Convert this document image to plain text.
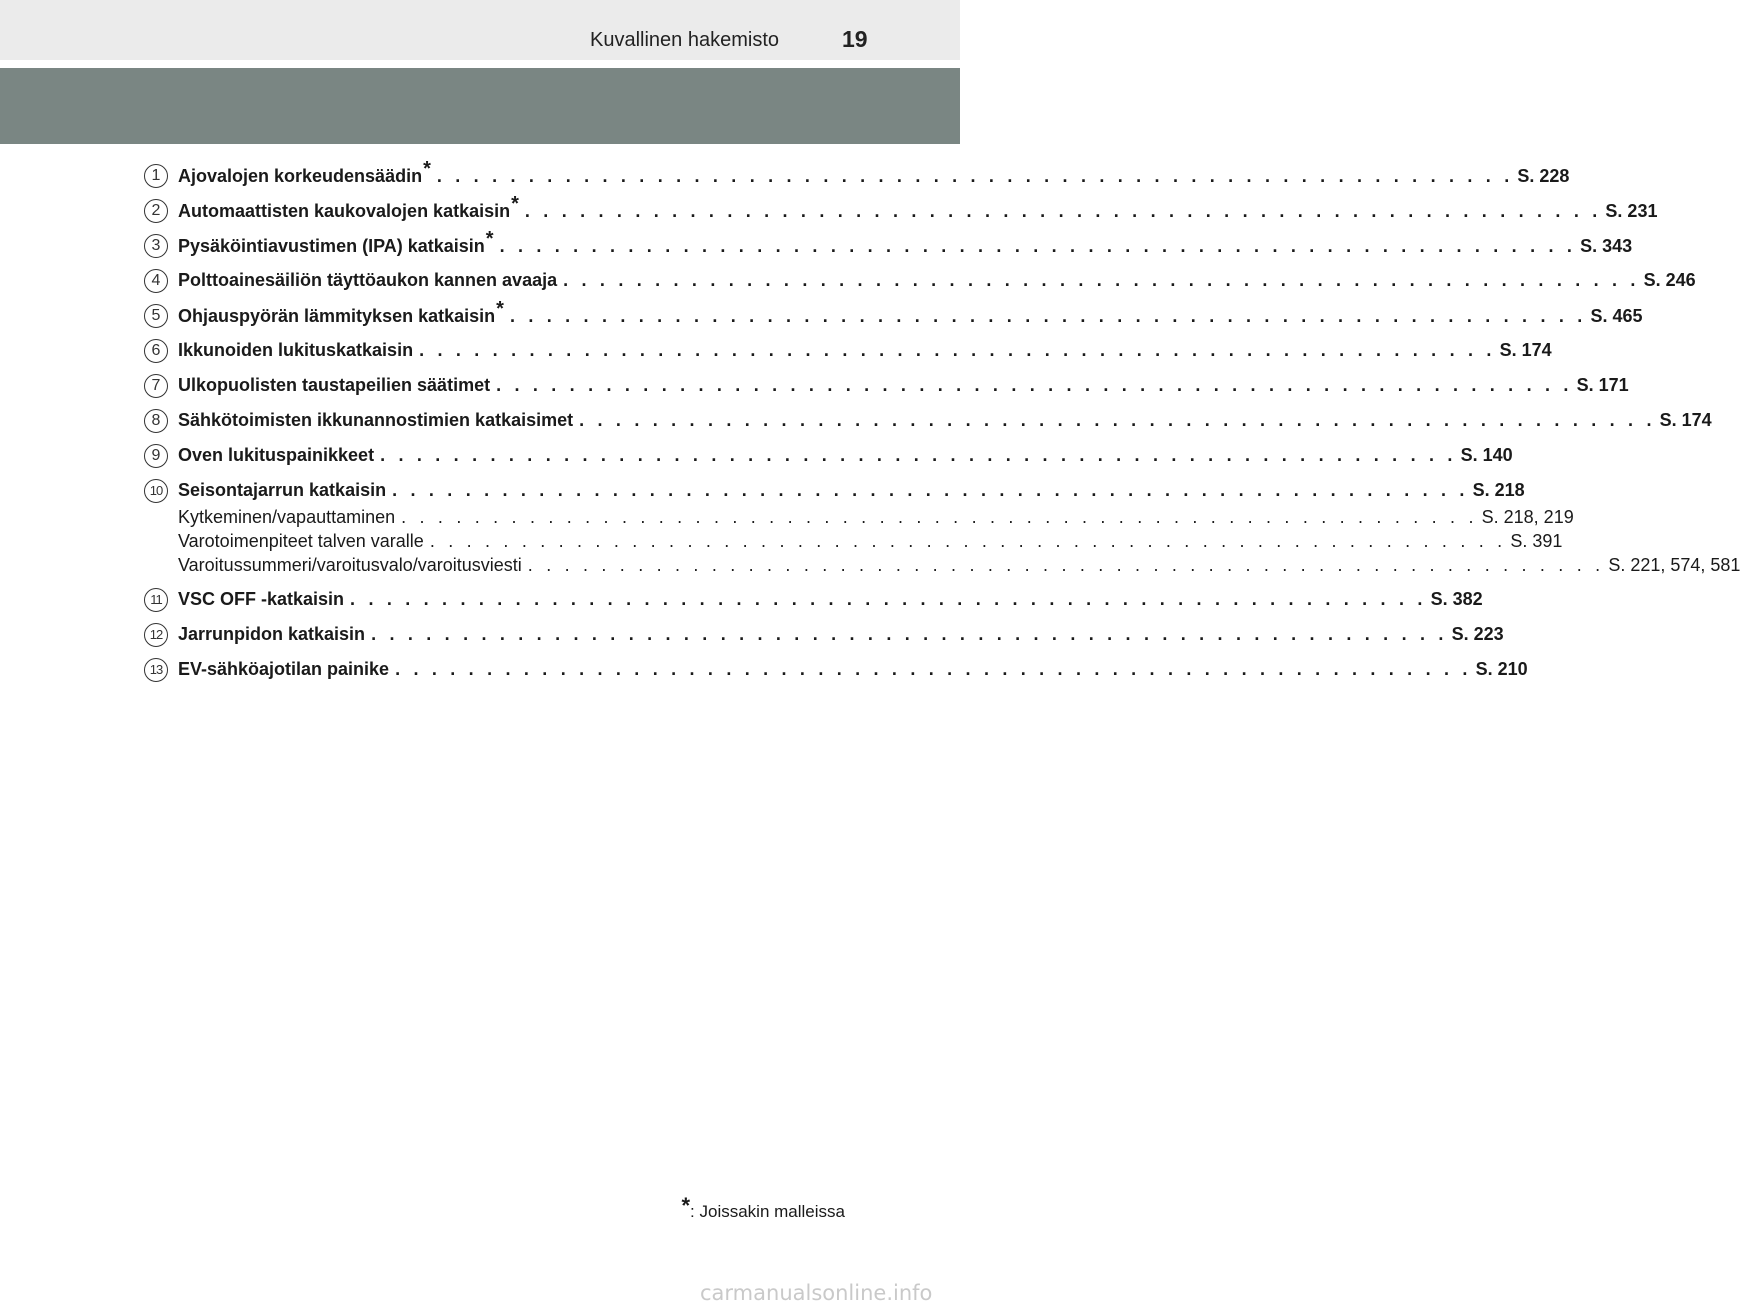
Kuvallinen hakemisto	19
1 Ajovalojen korkeudensäädin * . . . . . . . . . . . . . . . . . . . . . . . . . . . . . . . . . . . . . . . . . . . . . . . . . . . . . . . . . . . S. 228
2 Automaattisten kaukovalojen katkaisin * . . . . . . . . . . . . . . . . . . . . . . . . . . . . . . . . . . . . . . . . . . . . . . . . . . . . . . . . . . . S. 231
3 Pysäköintiavustimen (IPA) katkaisin * . . . . . . . . . . . . . . . . . . . . . . . . . . . . . . . . . . . . . . . . . . . . . . . . . . . . . . . . . . . S. 343
4 Polttoainesäiliön täyttöaukon kannen avaaja . . . . . . . . . . . . . . . . . . . . . . . . . . . . . . . . . . . . . . . . . . . . . . . . . . . . . . . . . . . S. 246
5 Ohjauspyörän lämmityksen katkaisin * . . . . . . . . . . . . . . . . . . . . . . . . . . . . . . . . . . . . . . . . . . . . . . . . . . . . . . . . . . . S. 465
6 Ikkunoiden lukituskatkaisin . . . . . . . . . . . . . . . . . . . . . . . . . . . . . . . . . . . . . . . . . . . . . . . . . . . . . . . . . . . S. 174
7 Ulkopuolisten taustapeilien säätimet . . . . . . . . . . . . . . . . . . . . . . . . . . . . . . . . . . . . . . . . . . . . . . . . . . . . . . . . . . . S. 171
8 Sähkötoimisten ikkunannostimien katkaisimet . . . . . . . . . . . . . . . . . . . . . . . . . . . . . . . . . . . . . . . . . . . . . . . . . . . . . . . . . . . S. 174
9 Oven lukituspainikkeet . . . . . . . . . . . . . . . . . . . . . . . . . . . . . . . . . . . . . . . . . . . . . . . . . . . . . . . . . . . S. 140
10 Seisontajarrun katkaisin . . . . . . . . . . . . . . . . . . . . . . . . . . . . . . . . . . . . . . . . . . . . . . . . . . . . . . . . . . . S. 218
Kytkeminen/vapauttaminen . . . . . . . . . . . . . . . . . . . . . . . . . . . . . . . . . . . . . . . . . . . . . . . . . . . . . . . . . . . S. 218, 219
Varotoimenpiteet talven varalle . . . . . . . . . . . . . . . . . . . . . . . . . . . . . . . . . . . . . . . . . . . . . . . . . . . . . . . . . . . S. 391
Varoitussummeri/varoitusvalo/varoitusviesti . . . . . . . . . . . . . . . . . . . . . . . . . . . . . . . . . . . . . . . . . . . . . . . . . . . . . . . . . . . S. 221, 574, 581
11 VSC OFF -katkaisin . . . . . . . . . . . . . . . . . . . . . . . . . . . . . . . . . . . . . . . . . . . . . . . . . . . . . . . . . . . S. 382
12 Jarrunpidon katkaisin . . . . . . . . . . . . . . . . . . . . . . . . . . . . . . . . . . . . . . . . . . . . . . . . . . . . . . . . . . . S. 223
13 EV-sähköajotilan painike . . . . . . . . . . . . . . . . . . . . . . . . . . . . . . . . . . . . . . . . . . . . . . . . . . . . . . . . . . . S. 210
*: Joissakin malleissa
carmanualsonline.info
